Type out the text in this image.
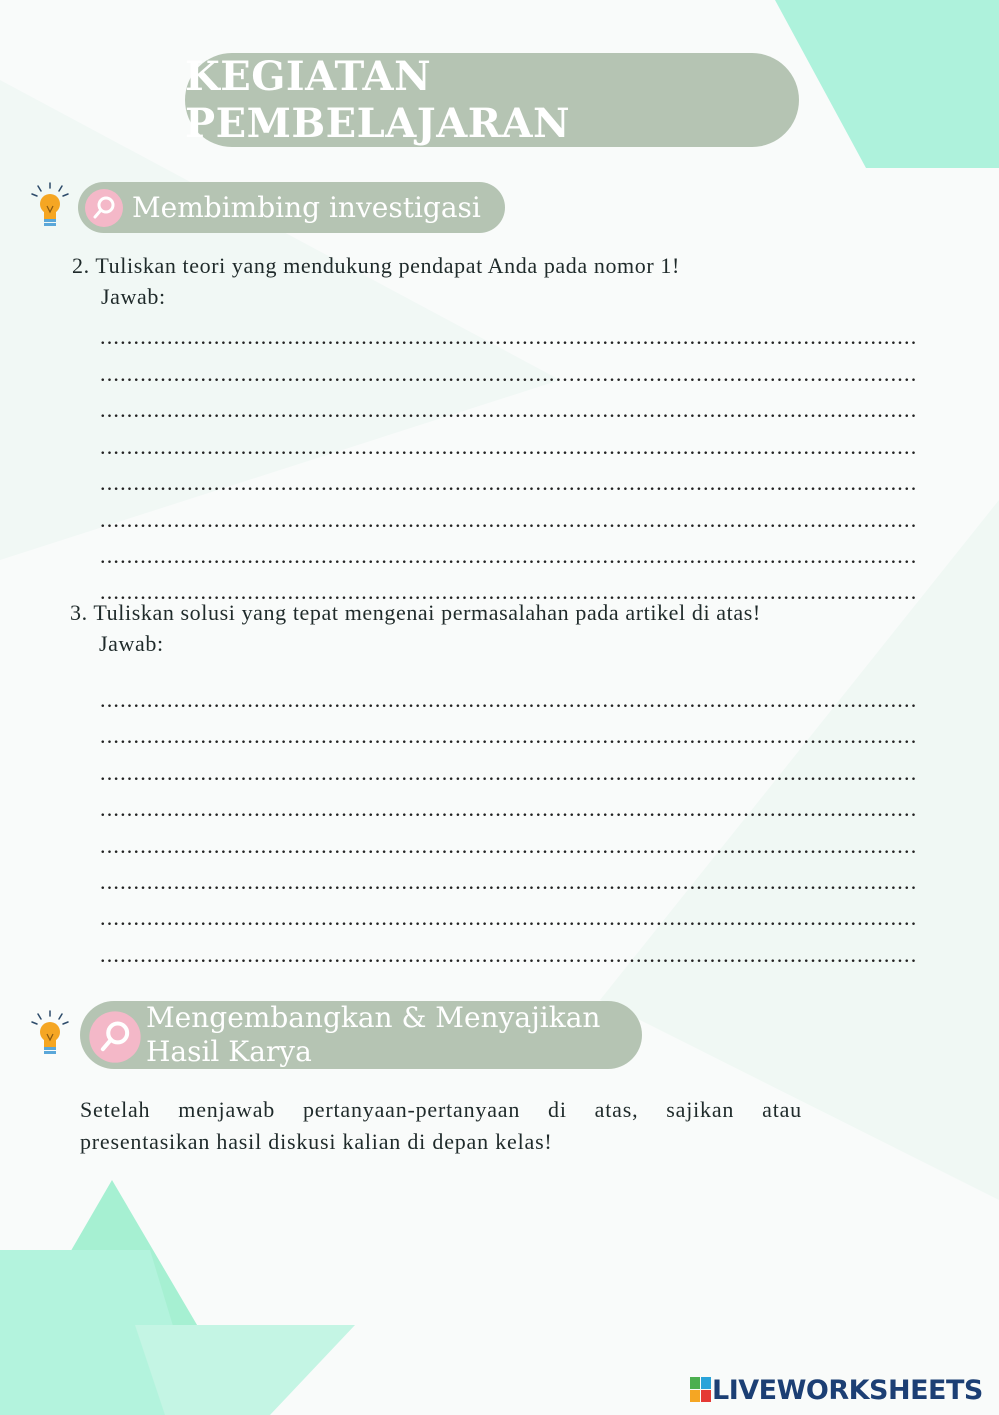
KEGIATAN PEMBELAJARAN
Membimbing investigasi
2. Tuliskan teori yang mendukung pendapat Anda pada nomor 1!
Jawab:
..........................................................................................................................
..........................................................................................................................
..........................................................................................................................
..........................................................................................................................
..........................................................................................................................
..........................................................................................................................
..........................................................................................................................
..........................................................................................................................
3. Tuliskan solusi yang tepat mengenai permasalahan pada artikel di atas!
Jawab:
..........................................................................................................................
..........................................................................................................................
..........................................................................................................................
..........................................................................................................................
..........................................................................................................................
..........................................................................................................................
..........................................................................................................................
..........................................................................................................................
Mengembangkan & Menyajikan
Hasil Karya
Setelah menjawab pertanyaan-pertanyaan di atas, sajikan atau presentasikan hasil diskusi kalian di depan kelas!
LIVEWORKSHEETS
